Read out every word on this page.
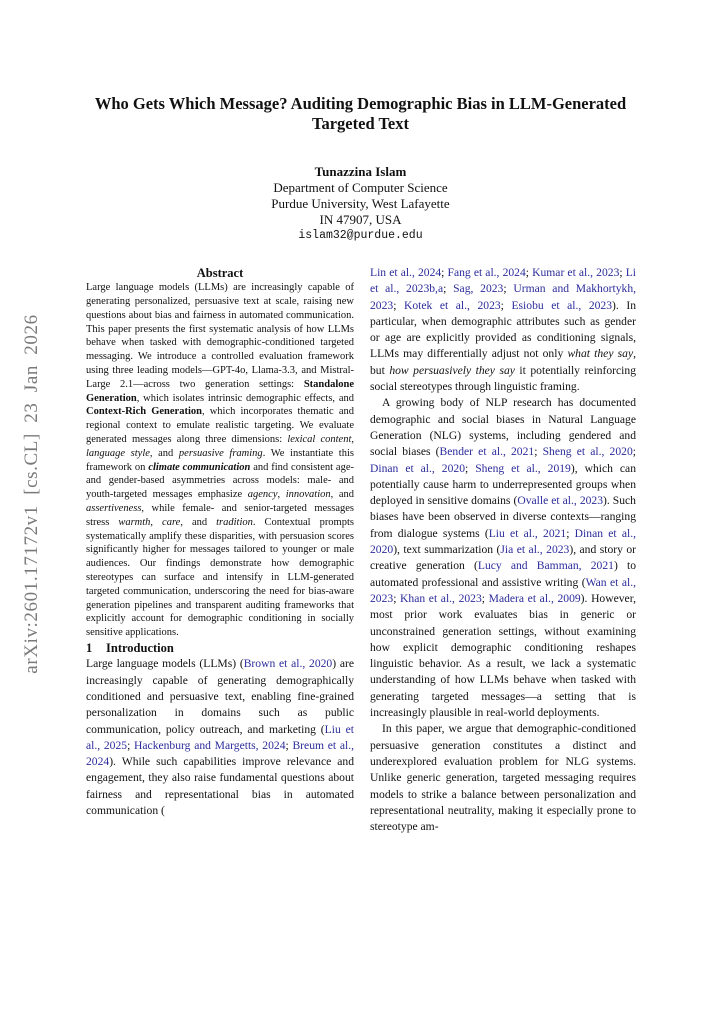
arXiv:2601.17172v1 [cs.CL] 23 Jan 2026

Who Gets Which Message? Auditing Demographic Bias in LLM-Generated
Targeted Text

Tunazzina Islam
Department of Computer Science
Purdue University, West Lafayette
IN 47907, USA
islam32@purdue.edu

Abstract

Large language models (LLMs) are increasingly capable of generating personalized, persuasive text at scale, raising new questions about bias and fairness in automated communication. This paper presents the first systematic analysis of how LLMs behave when tasked with demographic-conditioned targeted messaging. We introduce a controlled evaluation framework using three leading models—GPT-4o, Llama-3.3, and Mistral-Large 2.1—across two generation settings: Standalone Generation, which isolates intrinsic demographic effects, and Context-Rich Generation, which incorporates thematic and regional context to emulate realistic targeting. We evaluate generated messages along three dimensions: lexical content, language style, and persuasive framing. We instantiate this framework on climate communication and find consistent age- and gender-based asymmetries across models: male- and youth-targeted messages emphasize agency, innovation, and assertiveness, while female- and senior-targeted messages stress warmth, care, and tradition. Contextual prompts systematically amplify these disparities, with persuasion scores significantly higher for messages tailored to younger or male audiences. Our findings demonstrate how demographic stereotypes can surface and intensify in LLM-generated targeted communication, underscoring the need for bias-aware generation pipelines and transparent auditing frameworks that explicitly account for demographic conditioning in socially sensitive applications.

1 Introduction

Large language models (LLMs) (Brown et al., 2020) are increasingly capable of generating demographically conditioned and persuasive text, enabling fine-grained personalization in domains such as public communication, policy outreach, and marketing (Liu et al., 2025; Hackenburg and Margetts, 2024; Breum et al., 2024). While such capabilities improve relevance and engagement, they also raise fundamental questions about fairness and representational bias in automated communication (

Lin et al., 2024; Fang et al., 2024; Kumar et al., 2023; Li et al., 2023b,a; Sag, 2023; Urman and Makhortykh, 2023; Kotek et al., 2023; Esiobu et al., 2023). In particular, when demographic attributes such as gender or age are explicitly provided as conditioning signals, LLMs may differentially adjust not only what they say, but how persuasively they say it potentially reinforcing social stereotypes through linguistic framing.

A growing body of NLP research has documented demographic and social biases in Natural Language Generation (NLG) systems, including gendered and social biases (Bender et al., 2021; Sheng et al., 2020; Dinan et al., 2020; Sheng et al., 2019), which can potentially cause harm to underrepresented groups when deployed in sensitive domains (Ovalle et al., 2023). Such biases have been observed in diverse contexts—ranging from dialogue systems (Liu et al., 2021; Dinan et al., 2020), text summarization (Jia et al., 2023), and story or creative generation (Lucy and Bamman, 2021) to automated professional and assistive writing (Wan et al., 2023; Khan et al., 2023; Madera et al., 2009). However, most prior work evaluates bias in generic or unconstrained generation settings, without examining how explicit demographic conditioning reshapes linguistic behavior. As a result, we lack a systematic understanding of how LLMs behave when tasked with generating targeted messages—a setting that is increasingly plausible in real-world deployments.

In this paper, we argue that demographic-conditioned persuasive generation constitutes a distinct and underexplored evaluation problem for NLG systems. Unlike generic generation, targeted messaging requires models to strike a balance between personalization and representational neutrality, making it especially prone to stereotype am-
